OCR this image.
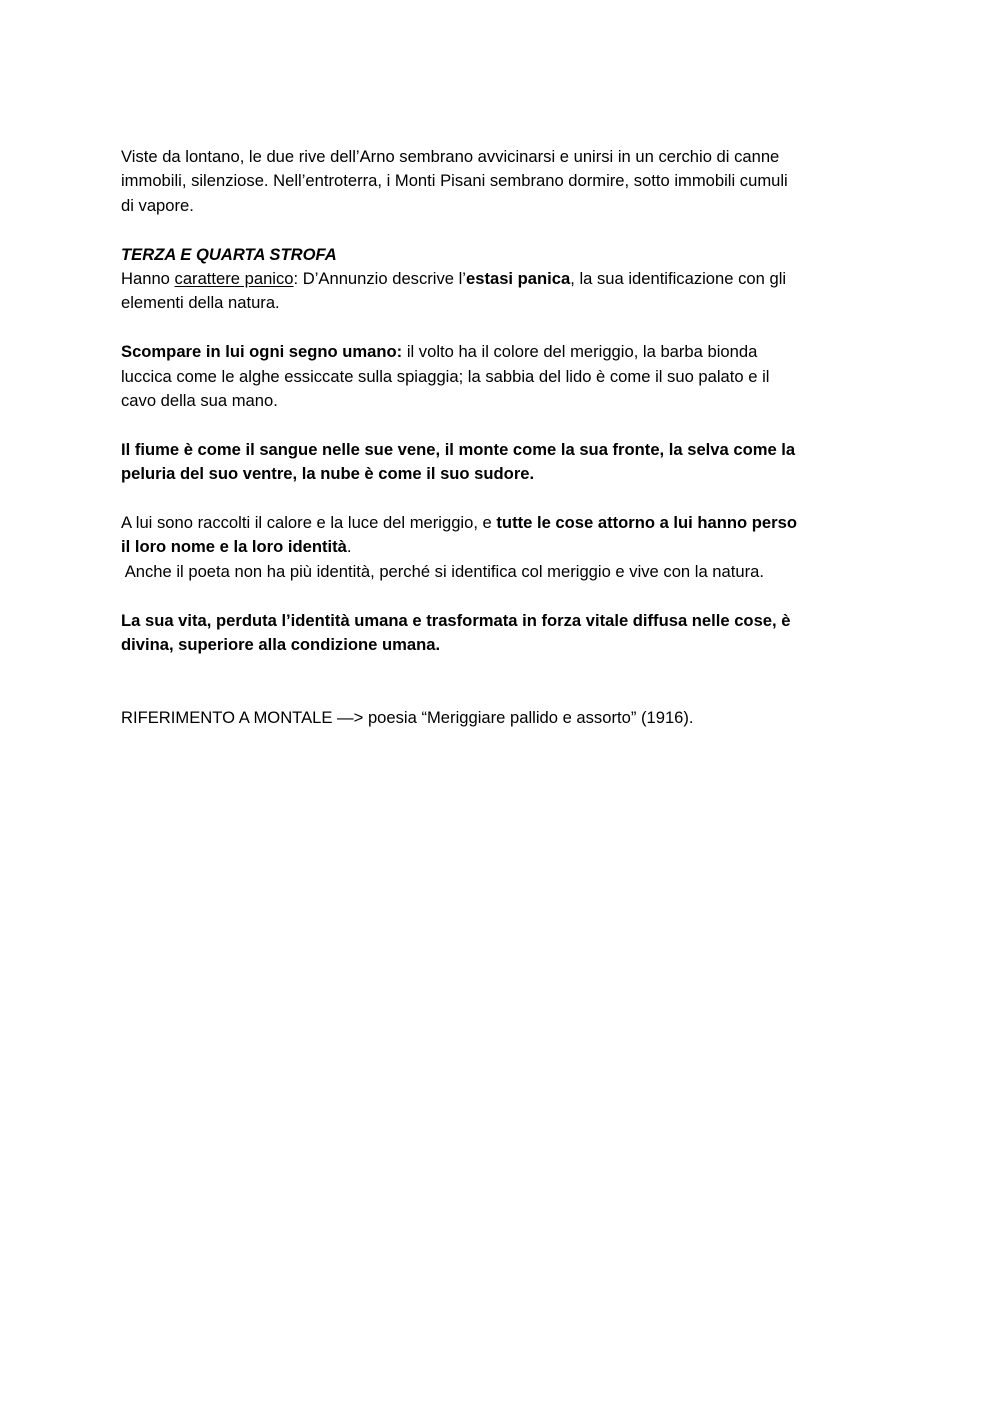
Viste da lontano, le due rive dell’Arno sembrano avvicinarsi e unirsi in un cerchio di canne

immobili, silenziose. Nell’entroterra, i Monti Pisani sembrano dormire, sotto immobili cumuli

di vapore.

TERZA E QUARTA STROFA

Hanno carattere panico: D’Annunzio descrive l’estasi panica, la sua identificazione con gli

elementi della natura.

Scompare in lui ogni segno umano: il volto ha il colore del meriggio, la barba bionda

luccica come le alghe essiccate sulla spiaggia; la sabbia del lido è come il suo palato e il

cavo della sua mano.

Il fiume è come il sangue nelle sue vene, il monte come la sua fronte, la selva come la

peluria del suo ventre, la nube è come il suo sudore.

A lui sono raccolti il calore e la luce del meriggio, e tutte le cose attorno a lui hanno perso

il loro nome e la loro identità.

Anche il poeta non ha più identità, perché si identifica col meriggio e vive con la natura.

La sua vita, perduta l’identità umana e trasformata in forza vitale diffusa nelle cose, è

divina, superiore alla condizione umana.

RIFERIMENTO A MONTALE —> poesia “Meriggiare pallido e assorto” (1916).
